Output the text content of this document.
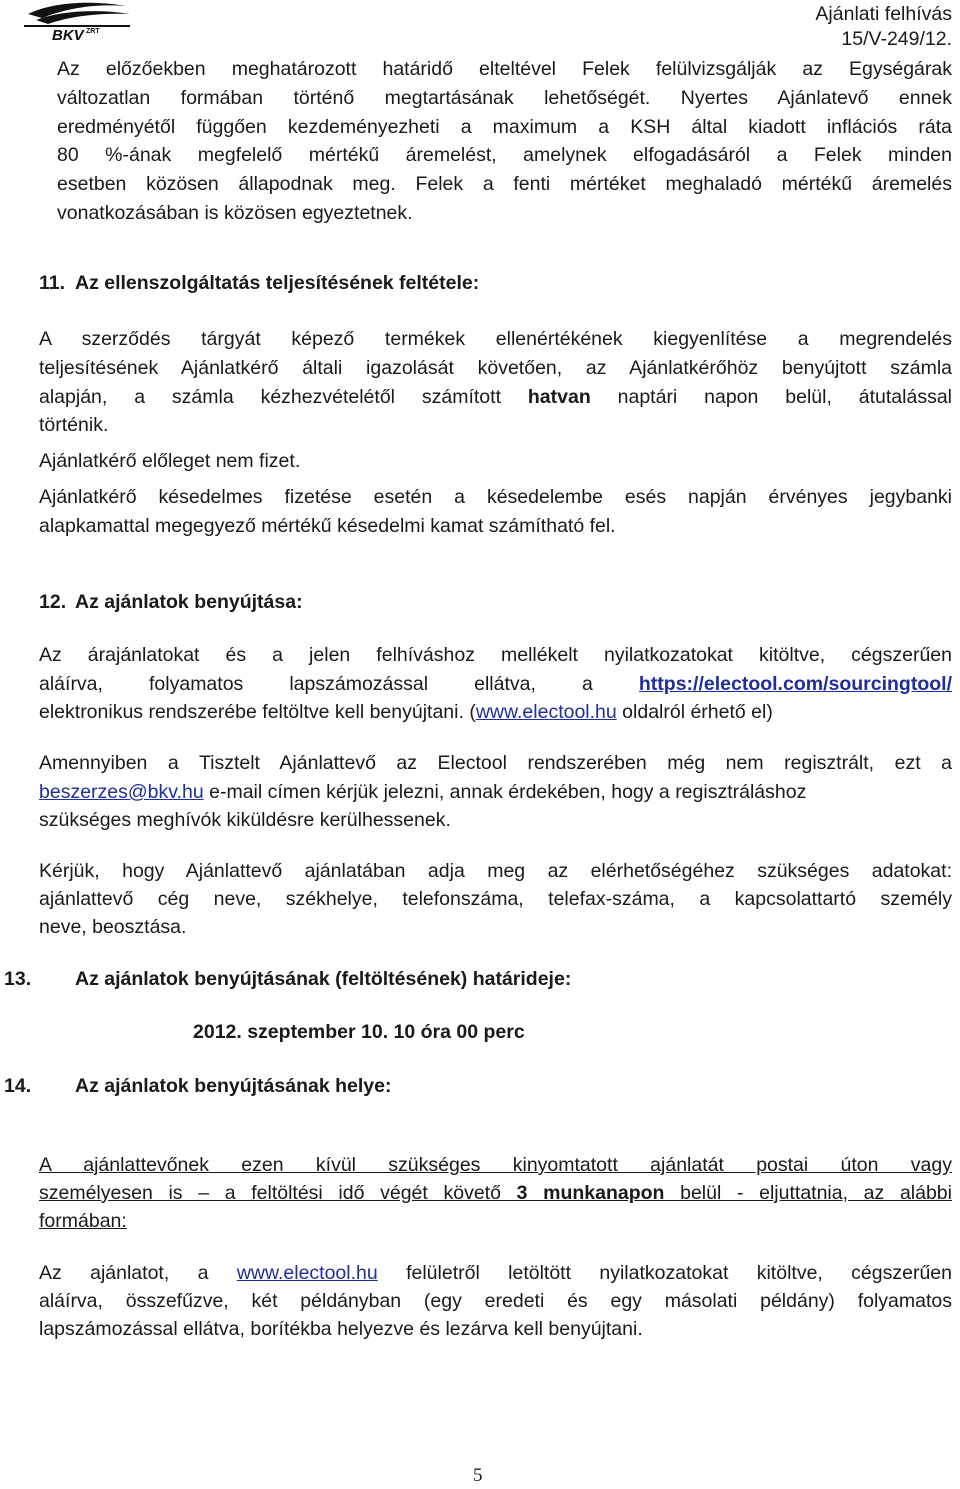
BKV ZRT
Ajánlati felhívás
15/V-249/12.
Az előzőekben meghatározott határidő elteltével Felek felülvizsgálják az Egységárak
változatlan formában történő megtartásának lehetőségét. Nyertes Ajánlatevő ennek
eredményétől függően kezdeményezheti a maximum a KSH által kiadott inflációs ráta
80 %-ának megfelelő mértékű áremelést, amelynek elfogadásáról a Felek minden
esetben közösen állapodnak meg. Felek a fenti mértéket meghaladó mértékű áremelés
vonatkozásában is közösen egyeztetnek.
11. Az ellenszolgáltatás teljesítésének feltétele:
A szerződés tárgyát képező termékek ellenértékének kiegyenlítése a megrendelés
teljesítésének Ajánlatkérő általi igazolását követően, az Ajánlatkérőhöz benyújtott számla
alapján, a számla kézhezvételétől számított hatvan naptári napon belül, átutalással
történik.
Ajánlatkérő előleget nem fizet.
Ajánlatkérő késedelmes fizetése esetén a késedelembe esés napján érvényes jegybanki
alapkamattal megegyező mértékű késedelmi kamat számítható fel.
12. Az ajánlatok benyújtása:
Az árajánlatokat és a jelen felhíváshoz mellékelt nyilatkozatokat kitöltve, cégszerűen
aláírva, folyamatos lapszámozással ellátva, a https://electool.com/sourcingtool/
elektronikus rendszerébe feltöltve kell benyújtani. (www.electool.hu oldalról érhető el)
Amennyiben a Tisztelt Ajánlattevő az Electool rendszerében még nem regisztrált, ezt a
beszerzes@bkv.hu e-mail címen kérjük jelezni, annak érdekében, hogy a regisztráláshoz
szükséges meghívók kiküldésre kerülhessenek.
Kérjük, hogy Ajánlattevő ajánlatában adja meg az elérhetőségéhez szükséges adatokat:
ajánlattevő cég neve, székhelye, telefonszáma, telefax-száma, a kapcsolattartó személy
neve, beosztása.
13. Az ajánlatok benyújtásának (feltöltésének) határideje:
2012. szeptember 10. 10 óra 00 perc
14. Az ajánlatok benyújtásának helye:
A ajánlattevőnek ezen kívül szükséges kinyomtatott ajánlatát postai úton vagy
személyesen is – a feltöltési idő végét követő 3 munkanapon belül - eljuttatnia, az alábbi
formában:
Az ajánlatot, a www.electool.hu felületről letöltött nyilatkozatokat kitöltve, cégszerűen
aláírva, összefűzve, két példányban (egy eredeti és egy másolati példány) folyamatos
lapszámozással ellátva, borítékba helyezve és lezárva kell benyújtani.
5
